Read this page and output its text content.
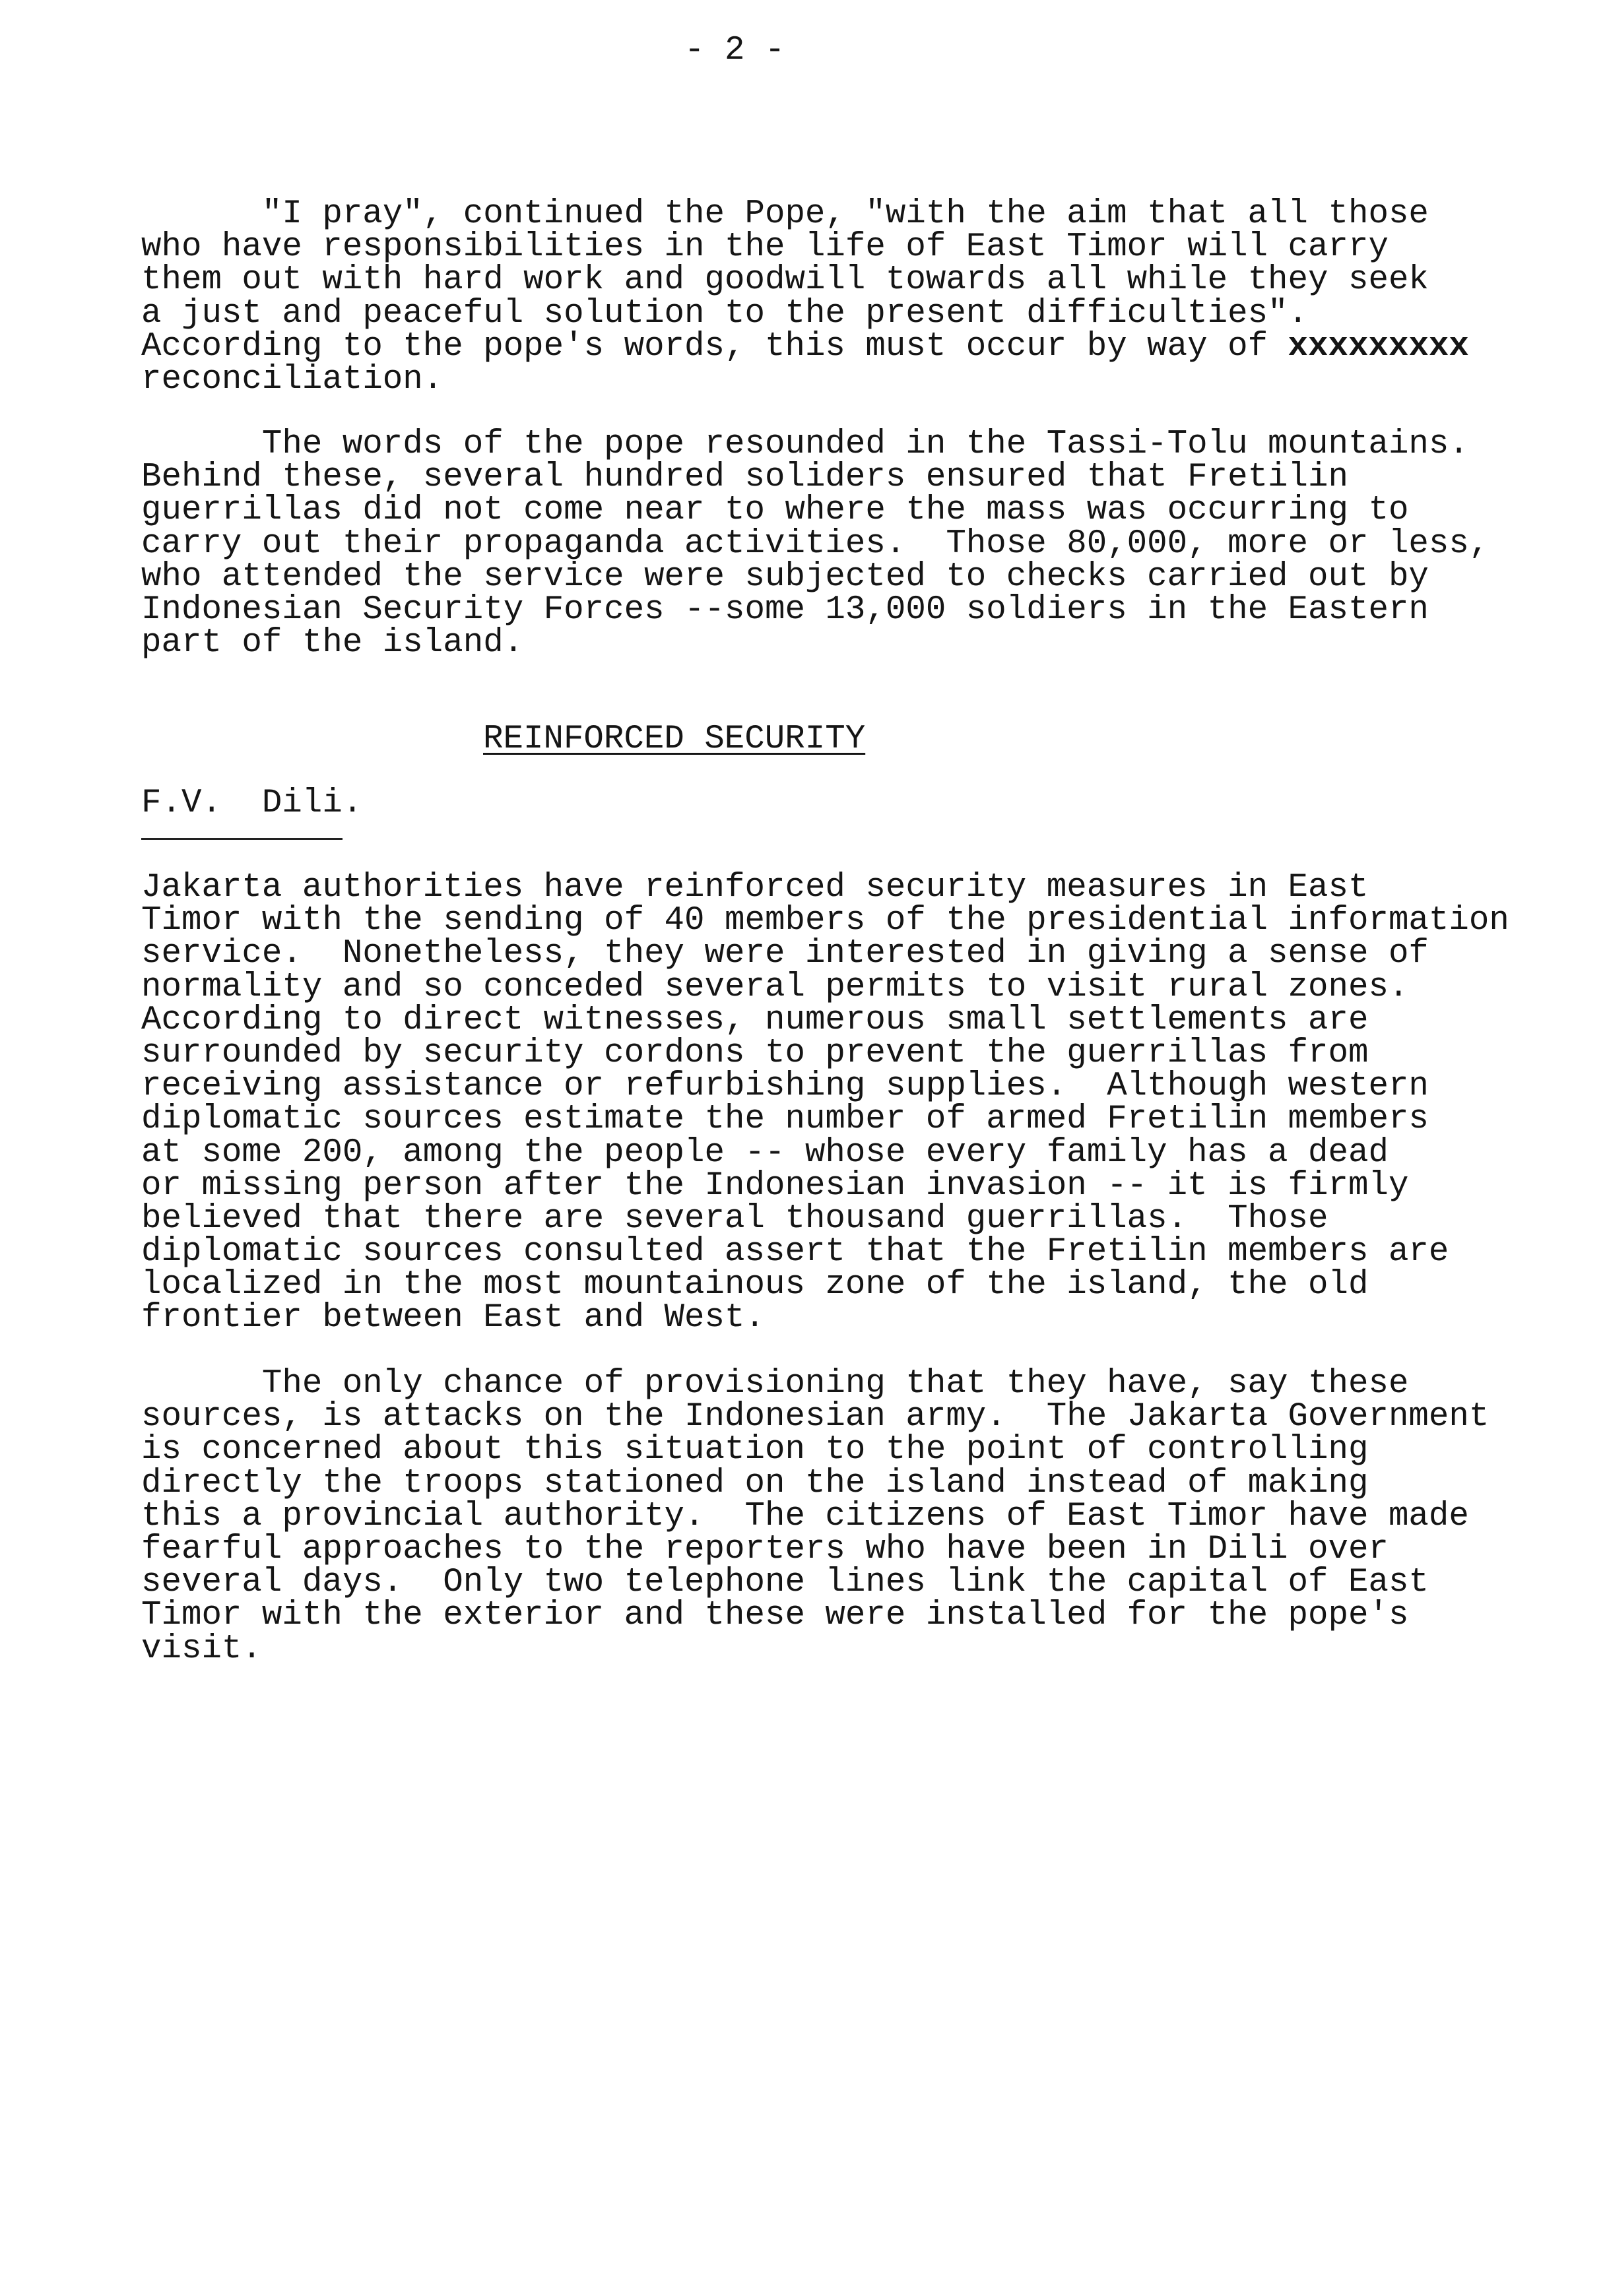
- 2 -
"I pray", continued the Pope, "with the aim that all those
who have responsibilities in the life of East Timor will carry
them out with hard work and goodwill towards all while they seek
a just and peaceful solution to the present difficulties".
According to the pope's words, this must occur by way of xxxxxxxxx
reconciliation.
The words of the pope resounded in the Tassi-Tolu mountains.
Behind these, several hundred soliders ensured that Fretilin
guerrillas did not come near to where the mass was occurring to
carry out their propaganda activities.  Those 80,000, more or less,
who attended the service were subjected to checks carried out by
Indonesian Security Forces --some 13,000 soldiers in the Eastern
part of the island.
REINFORCED SECURITY
F.V.  Dili.
Jakarta authorities have reinforced security measures in East
Timor with the sending of 40 members of the presidential information
service.  Nonetheless, they were interested in giving a sense of
normality and so conceded several permits to visit rural zones.
According to direct witnesses, numerous small settlements are
surrounded by security cordons to prevent the guerrillas from
receiving assistance or refurbishing supplies.  Although western
diplomatic sources estimate the number of armed Fretilin members
at some 200, among the people -- whose every family has a dead
or missing person after the Indonesian invasion -- it is firmly
believed that there are several thousand guerrillas.  Those
diplomatic sources consulted assert that the Fretilin members are
localized in the most mountainous zone of the island, the old
frontier between East and West.
The only chance of provisioning that they have, say these
sources, is attacks on the Indonesian army.  The Jakarta Government
is concerned about this situation to the point of controlling
directly the troops stationed on the island instead of making
this a provincial authority.  The citizens of East Timor have made
fearful approaches to the reporters who have been in Dili over
several days.  Only two telephone lines link the capital of East
Timor with the exterior and these were installed for the pope's
visit.
